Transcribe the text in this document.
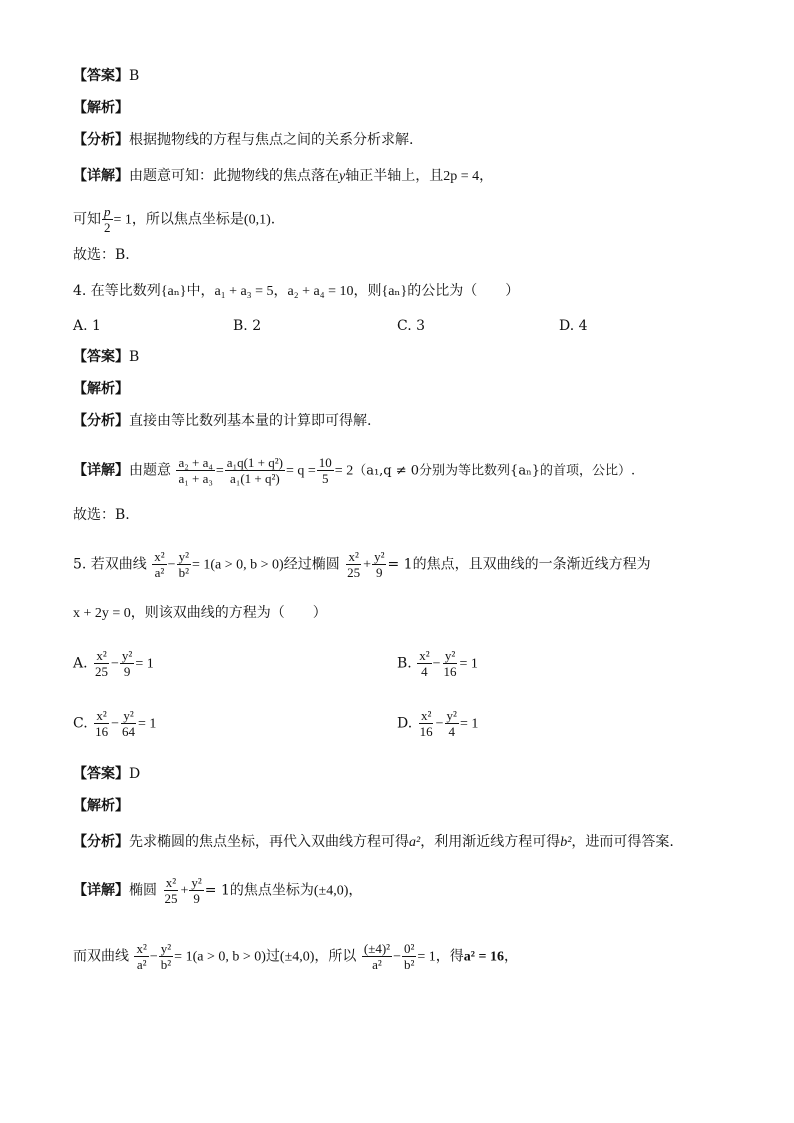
【答案】B
【解析】
【分析】根据抛物线的方程与焦点之间的关系分析求解.
【详解】由题意可知：此抛物线的焦点落在y轴正半轴上，且2p = 4，
可知 $\frac{p}{2} = 1$，所以焦点坐标是(0,1).
故选：B.
4. 在等比数列{aₙ}中，a₁ + a₃ = 5，a₂ + a₄ = 10，则{aₙ}的公比为（　　）
A. 1	B. 2	C. 3	D. 4
【答案】B
【解析】
【分析】直接由等比数列基本量的计算即可得解.
【详解】由题意 $\frac{\text{a₂ + a₄}}{\text{a₁ + a₃}} = \frac{\text{a₁q(1 + q²)}}{\text{a₁(1 + q²)}} = q = \frac{10}{5} = 2(a_1,q \ne 0$分别为等比数列{aₙ}的首项，公比）.
故选：B.
5. 若双曲线 $\frac{\text{x²}}{\text{a²}} - \frac{\text{y²}}{\text{b²}} = 1(a > 0$, b > 0)经过椭圆 $\frac{\text{x²}}{25} + \frac{\text{y²}}{9} = 1$的焦点，且双曲线的一条渐近线方程为
x + 2y = 0，则该双曲线的方程为（　　）
A. $\frac{\text{x²}}{25} - \frac{\text{y²}}{9} = 1$	B. $\frac{\text{x²}}{4} - \frac{\text{y²}}{16} = 1$
C. $\frac{\text{x²}}{16} - \frac{\text{y²}}{64} = 1$	D. $\frac{\text{x²}}{16} - \frac{\text{y²}}{4} = 1$
【答案】D
【解析】
【分析】先求椭圆的焦点坐标，再代入双曲线方程可得a²，利用渐近线方程可得b²，进而可得答案.
【详解】椭圆 $\frac{\text{x²}}{25} + \frac{\text{y²}}{9} = 1$的焦点坐标为(±4,0)，
而双曲线 $\frac{\text{x²}}{\text{a²}} - \frac{\text{y²}}{\text{b²}} = 1(a > 0$, b > 0)过(±4,0)，所以 $\frac{\text{(±4)²}}{\text{a²}} - \frac{\text{0²}}{\text{b²}} = 1$，得a² = 16，
